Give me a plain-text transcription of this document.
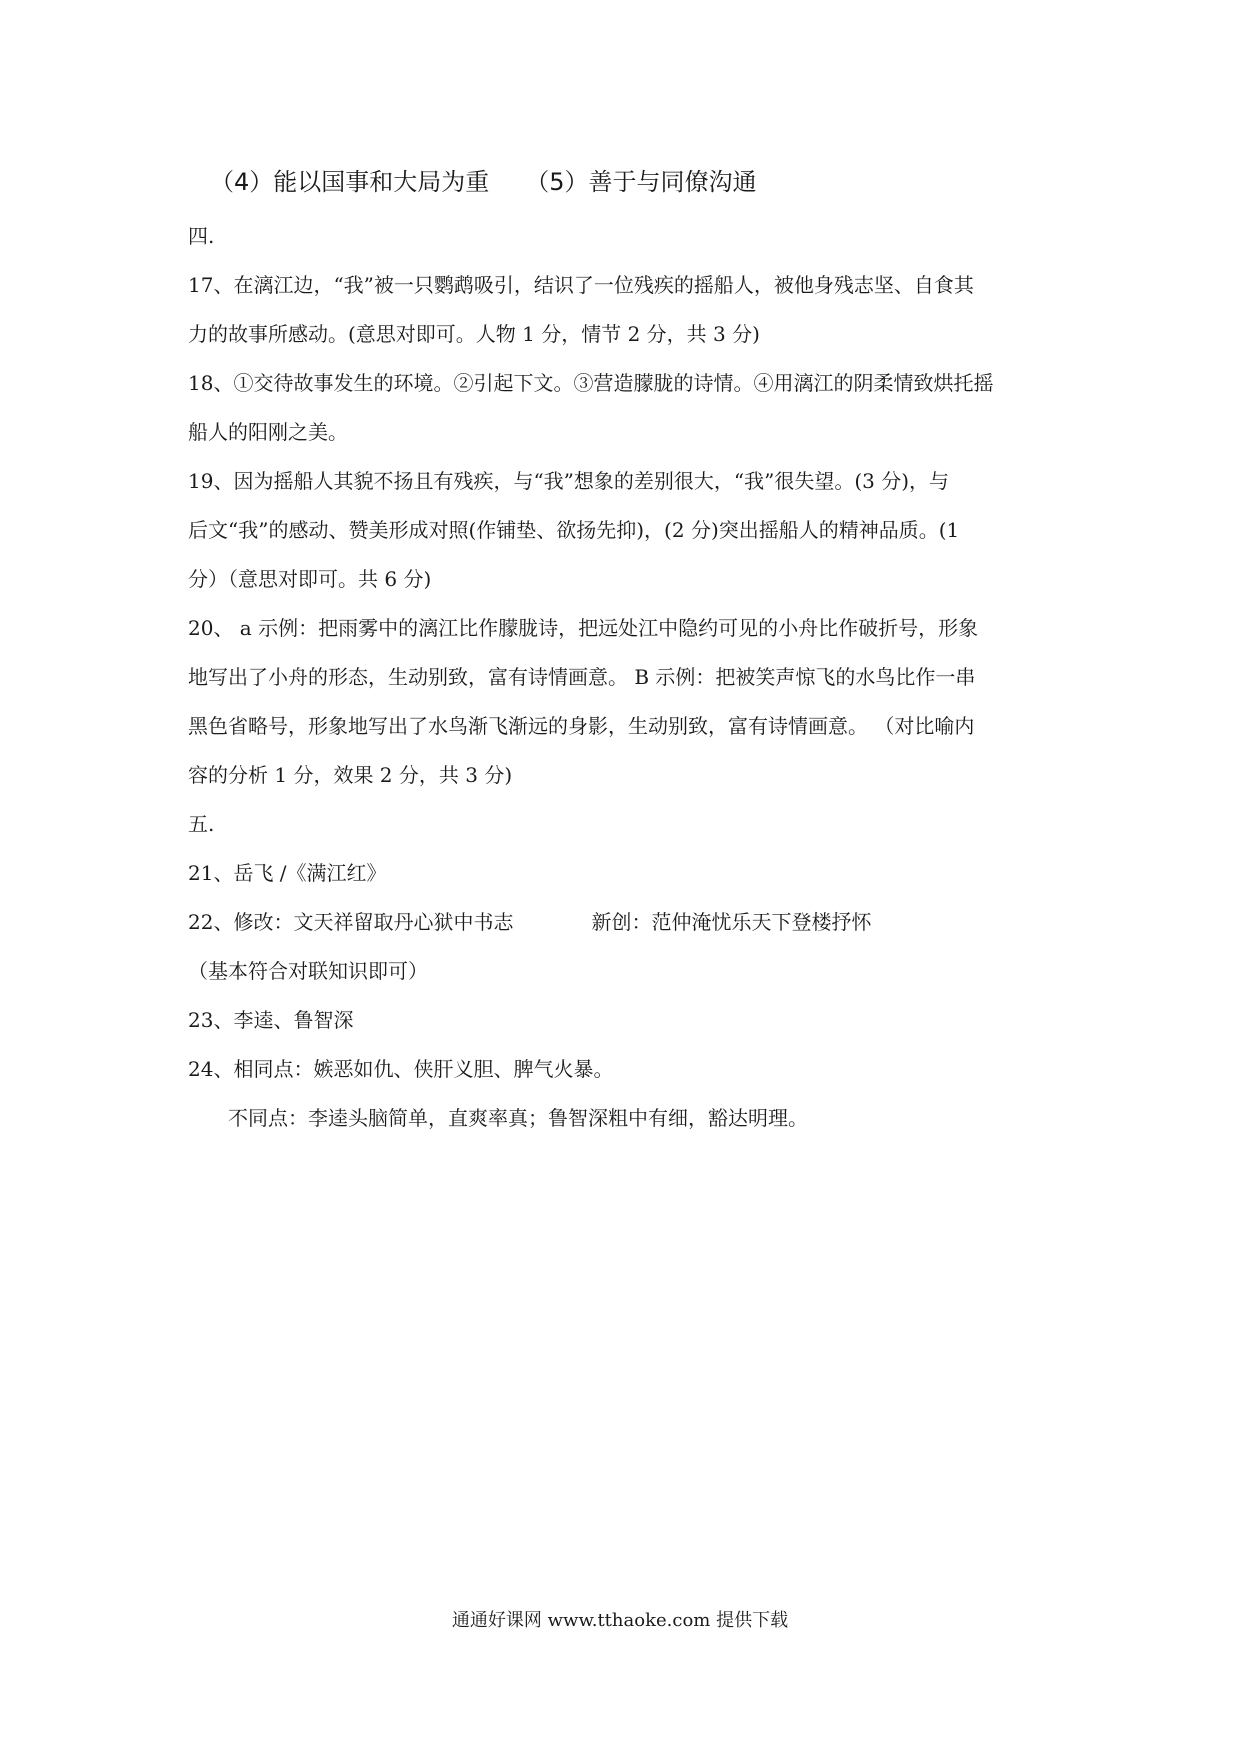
（4）能以国事和大局为重 （5）善于与同僚沟通
四.
17、在漓江边，“我”被一只鹦鹉吸引，结识了一位残疾的摇船人，被他身残志坚、自食其
力的故事所感动。(意思对即可。人物 1 分，情节 2 分，共 3 分)
18、①交待故事发生的环境。②引起下文。③营造朦胧的诗情。④用漓江的阴柔情致烘托摇
船人的阳刚之美。
19、因为摇船人其貌不扬且有残疾，与“我”想象的差别很大，“我”很失望。(3 分)，与
后文“我”的感动、赞美形成对照(作铺垫、欲扬先抑)，(2 分)突出摇船人的精神品质。(1
分）（意思对即可。共 6 分)
20、 a 示例：把雨雾中的漓江比作朦胧诗，把远处江中隐约可见的小舟比作破折号，形象
地写出了小舟的形态，生动别致，富有诗情画意。 B 示例：把被笑声惊飞的水鸟比作一串
黑色省略号，形象地写出了水鸟渐飞渐远的身影，生动别致，富有诗情画意。 （对比喻内
容的分析 1 分，效果 2 分，共 3 分)
五.
21、岳飞 /《满江红》
22、修改：文天祥留取丹心狱中书志	新创：范仲淹忧乐天下登楼抒怀
（基本符合对联知识即可）
23、李逵、鲁智深
24、相同点：嫉恶如仇、侠肝义胆、脾气火暴。
不同点：李逵头脑简单，直爽率真；鲁智深粗中有细，豁达明理。
通通好课网 www.tthaoke.com 提供下载
